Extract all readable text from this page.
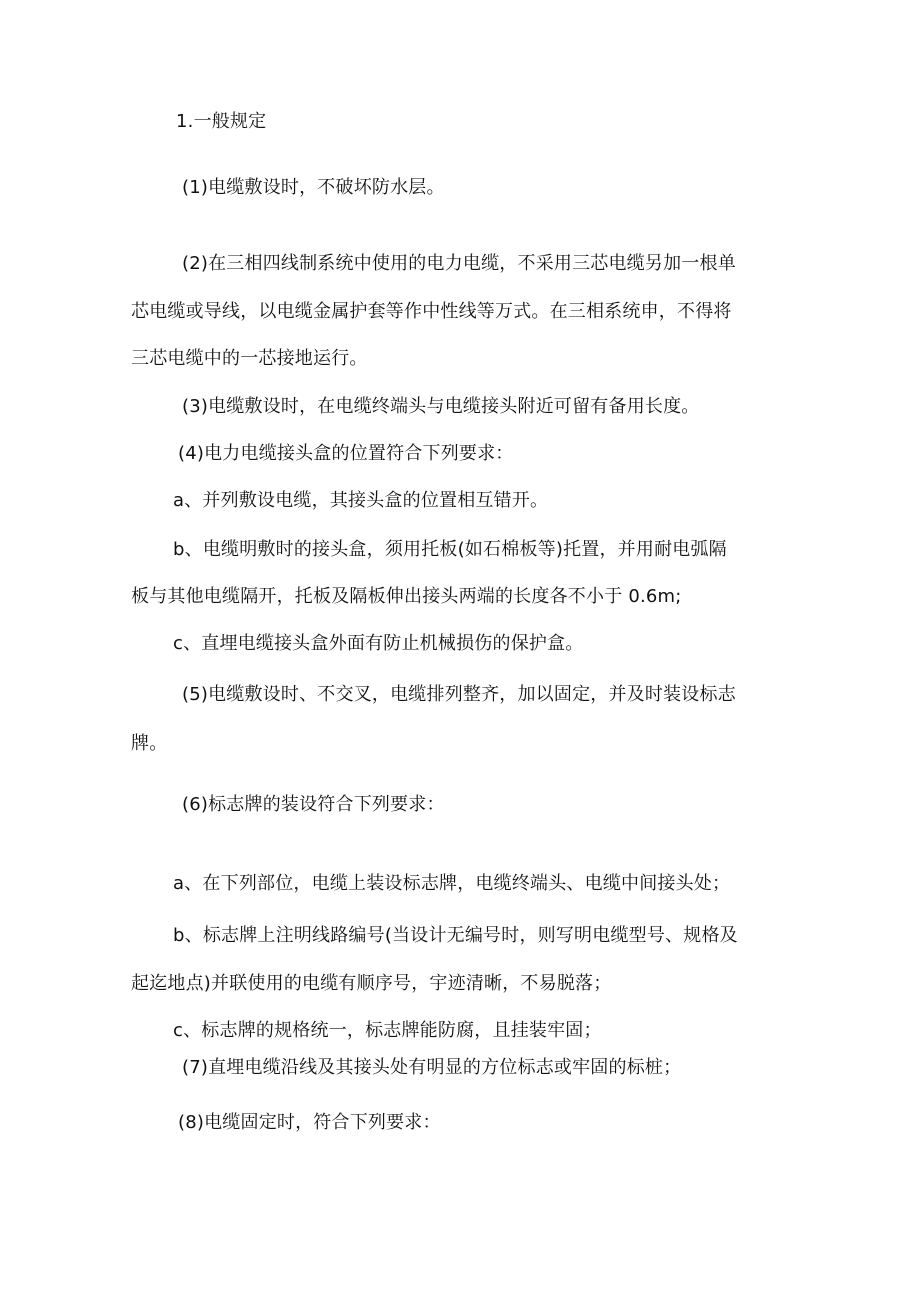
1.一般规定
(1)电缆敷设时，不破坏防水层。
(2)在三相四线制系统中使用的电力电缆，不采用三芯电缆另加一根单
芯电缆或导线，以电缆金属护套等作中性线等万式。在三相系统申，不得将
三芯电缆中的一芯接地运行。
(3)电缆敷设时，在电缆终端头与电缆接头附近可留有备用长度。
(4)电力电缆接头盒的位置符合下列要求：
a、并列敷设电缆，其接头盒的位置相互错开。
b、电缆明敷时的接头盒，须用托板(如石棉板等)托置，并用耐电弧隔
板与其他电缆隔开，托板及隔板伸出接头两端的长度各不小于 0.6m;
c、直埋电缆接头盒外面有防止机械损伤的保护盒。
(5)电缆敷设时、不交叉，电缆排列整齐，加以固定，并及时装设标志
牌。
(6)标志牌的装设符合下列要求：
a、在下列部位，电缆上装设标志牌，电缆终端头、电缆中间接头处；
b、标志牌上注明线路编号(当设计无编号时，则写明电缆型号、规格及
起迄地点)并联使用的电缆有顺序号，宇迹清晰，不易脱落；
c、标志牌的规格统一，标志牌能防腐，且挂装牢固；
(7)直埋电缆沿线及其接头处有明显的方位标志或牢固的标桩；
(8)电缆固定时，符合下列要求：
